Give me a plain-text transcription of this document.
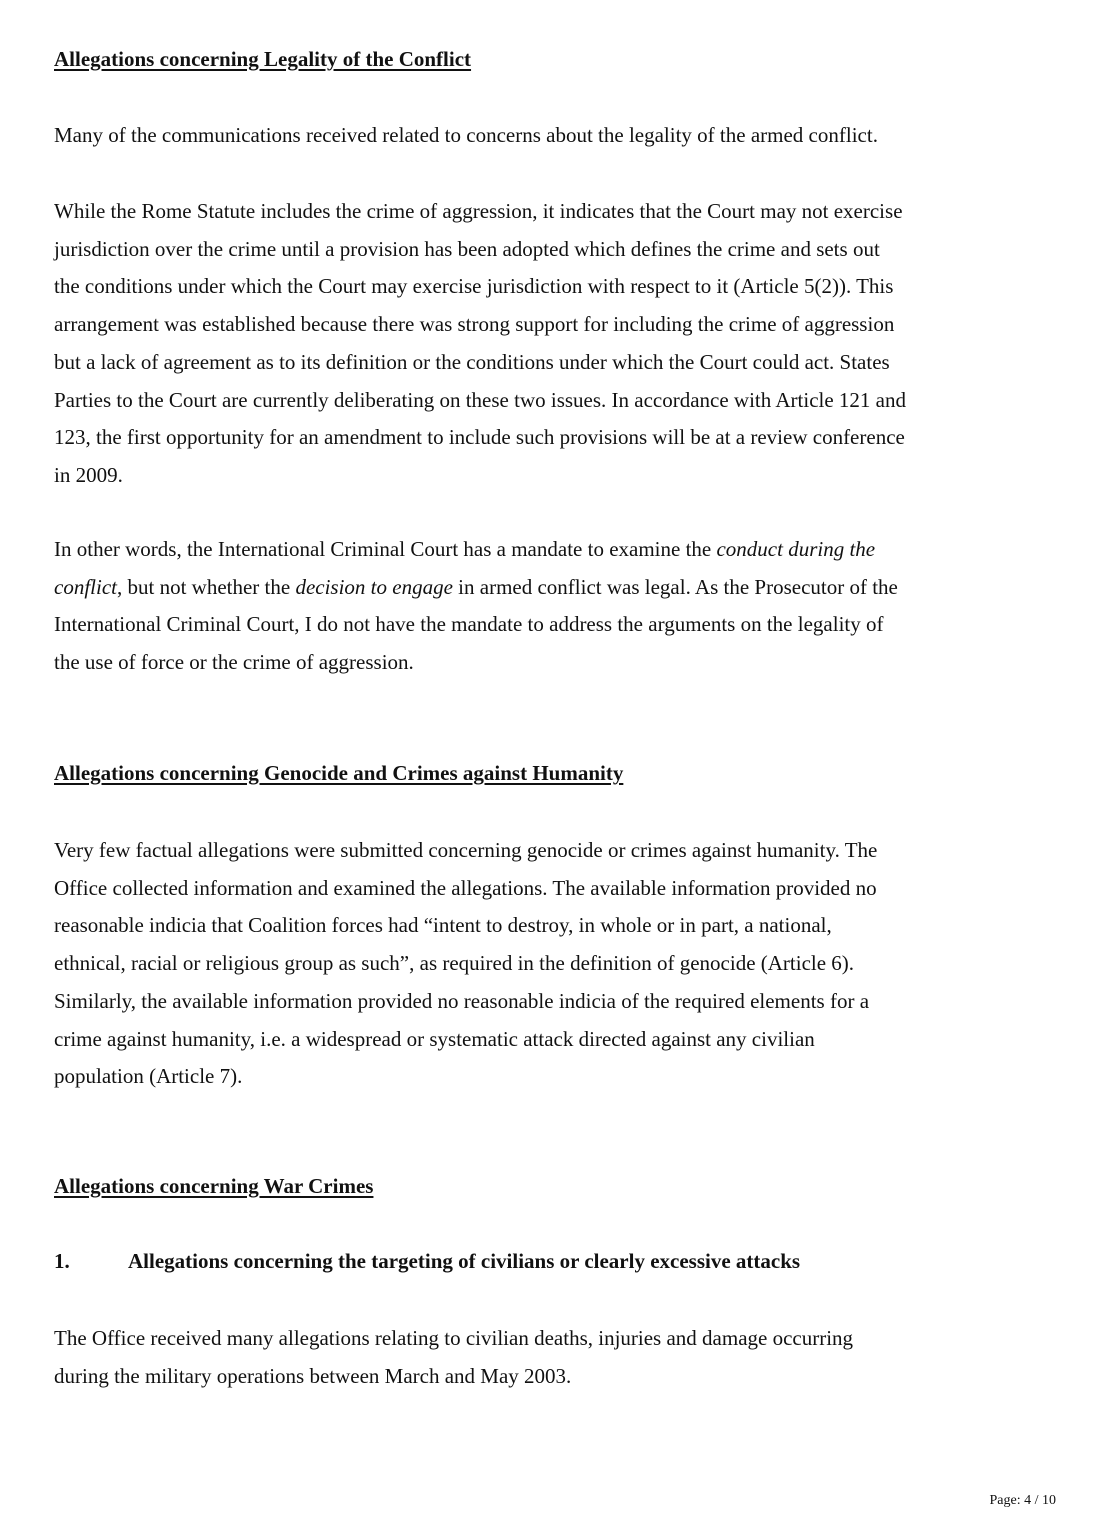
Allegations concerning Legality of the Conflict
Many of the communications received related to concerns about the legality of the armed conflict.
While the Rome Statute includes the crime of aggression, it indicates that the Court may not exercise
jurisdiction over the crime until a provision has been adopted which defines the crime and sets out
the conditions under which the Court may exercise jurisdiction with respect to it (Article 5(2)). This
arrangement was established because there was strong support for including the crime of aggression
but a lack of agreement as to its definition or the conditions under which the Court could act. States
Parties to the Court are currently deliberating on these two issues. In accordance with Article 121 and
123, the first opportunity for an amendment to include such provisions will be at a review conference
in 2009.
In other words, the International Criminal Court has a mandate to examine the conduct during the
conflict, but not whether the decision to engage in armed conflict was legal. As the Prosecutor of the
International Criminal Court, I do not have the mandate to address the arguments on the legality of
the use of force or the crime of aggression.
Allegations concerning Genocide and Crimes against Humanity
Very few factual allegations were submitted concerning genocide or crimes against humanity. The
Office collected information and examined the allegations. The available information provided no
reasonable indicia that Coalition forces had “intent to destroy, in whole or in part, a national,
ethnical, racial or religious group as such”, as required in the definition of genocide (Article 6).
Similarly, the available information provided no reasonable indicia of the required elements for a
crime against humanity, i.e. a widespread or systematic attack directed against any civilian
population (Article 7).
Allegations concerning War Crimes
1.	Allegations concerning the targeting of civilians or clearly excessive attacks
The Office received many allegations relating to civilian deaths, injuries and damage occurring
during the military operations between March and May 2003.
Page: 4 / 10
